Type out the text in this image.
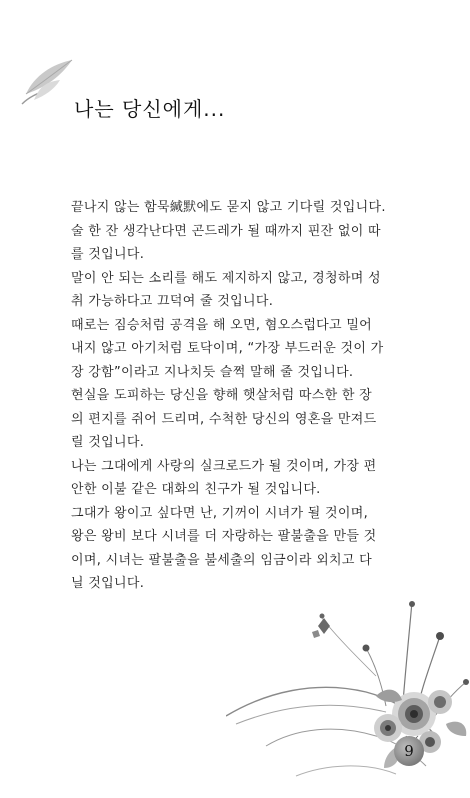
나는 당신에게...
끝나지 않는 함묵緘默에도 묻지 않고 기다릴 것입니다.
술 한 잔 생각난다면 곤드레가 될 때까지 핀잔 없이 따
를 것입니다.
말이 안 되는 소리를 해도 제지하지 않고, 경청하며 성
취 가능하다고 끄덕여 줄 것입니다.
때로는 짐승처럼 공격을 해 오면, 혐오스럽다고 밀어
내지 않고 아기처럼 토닥이며, “가장 부드러운 것이 가
장 강함”이라고 지나치듯 슬쩍 말해 줄 것입니다.
현실을 도피하는 당신을 향해 햇살처럼 따스한 한 장
의 편지를 쥐어 드리며, 수척한 당신의 영혼을 만져드
릴 것입니다.
나는 그대에게 사랑의 실크로드가 될 것이며, 가장 편
안한 이불 같은 대화의 친구가 될 것입니다.
그대가 왕이고 싶다면 난, 기꺼이 시녀가 될 것이며,
왕은 왕비 보다 시녀를 더 자랑하는 팔불출을 만들 것
이며, 시녀는 팔불출을 불세출의 임금이라 외치고 다
닐 것입니다.
9
